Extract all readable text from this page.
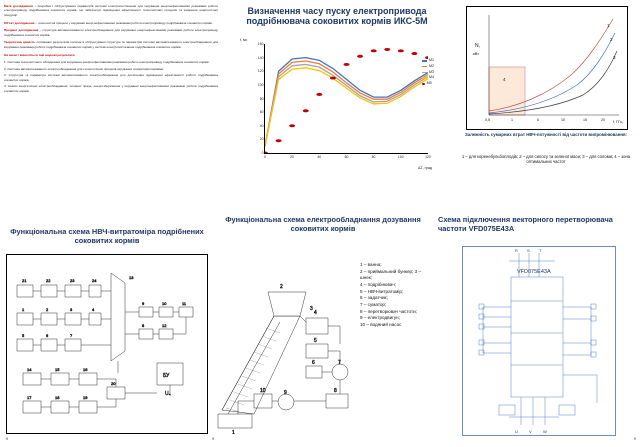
Мета дослідження – розробка і обґрунтування параметрів системи електропостачання для керування енергоефективними режимами роботи електроприводу подрібнювача соковитих кормів, що забезпечує підвищення ефективності технологічних процесів та зниження енергетичної продукції.

Об'єкт дослідження – технологічні процеси у керуванні енергоефективними режимами роботи електроприводу подрібнювача соковитих кормів.

Предмет дослідження – структура автоматизованого електрообладнання для керування енергоефективними режимами роботи електроприводу подрібнювача соковитих кормів.

Теоретична цінність отриманих результатів полягає в обґрунтуванні структури та параметрів системи автоматизованого електрообладнання для керування режимами роботи подрібнювача соковитих кормів у системі електропостачання подрібнювача соковитих кормів.

На захист виносяться такі наукові результати:

1. Система технологічного обладнання для керування енергоефективними режимами роботи електроприводу подрібнювача соковитих кормів.

2. Система автоматизованого електрообладнання для технологічних процесів керування соковитими кормами.

3. Структура та параметри системи автоматизованого електрообладнання для досягнення підвищення ефективності роботи подрібнювача соковитих кормів.

4. Аналіз енергетичної електрообладнання, опорних праць, енергозбереження у керуванні енергоефективними режимами роботи подрібнювача соковитих кормів.

Визначення часу пуску електропривода подрібнювача соковитих кормів ИКС-5М
0
20
40
60
80
100
120
140
160
0	20	40	60	80	100	120
t, мс
ΔΣ, град
М1
М2
М3
М4
М5
1
2
3
4
N,
кВт
0,5	1	5	10	15	20 f, ГГц
Залежність сумарних втрат НВЧ-потужності від частоти випромінювання:
1 – для коренебульбоплодів; 2 – для силосу та зеленої маси; 3 – для соломи; 4 – зона оптимальних частот
Функціональна схема НВЧ-витратоміра подрібнених соковитих кормів
21	22	23	24
13
1	2	3	4
5	6	7
9	10	11
12
8
14	15	16
17	18	19
20
БУ
U₄
9
Функціональна схема електрообладнання дозування соковитих кормів
1 – ванна;
2 – приймальний бункер; 3 – шнек;
4 – подрібнювач;
5 – НВЧ-витратомір;
6 – задатчик;
7 – суматор;
8 – перетворювач частоти;
9 – електродвигун;
10 – водяний насос
2
3
1
4
5
7
6
8
9
10
9
Схема підключення векторного перетворювача частоти VFD075E43A
VFD075E43A
U	V	W
R S T
9
